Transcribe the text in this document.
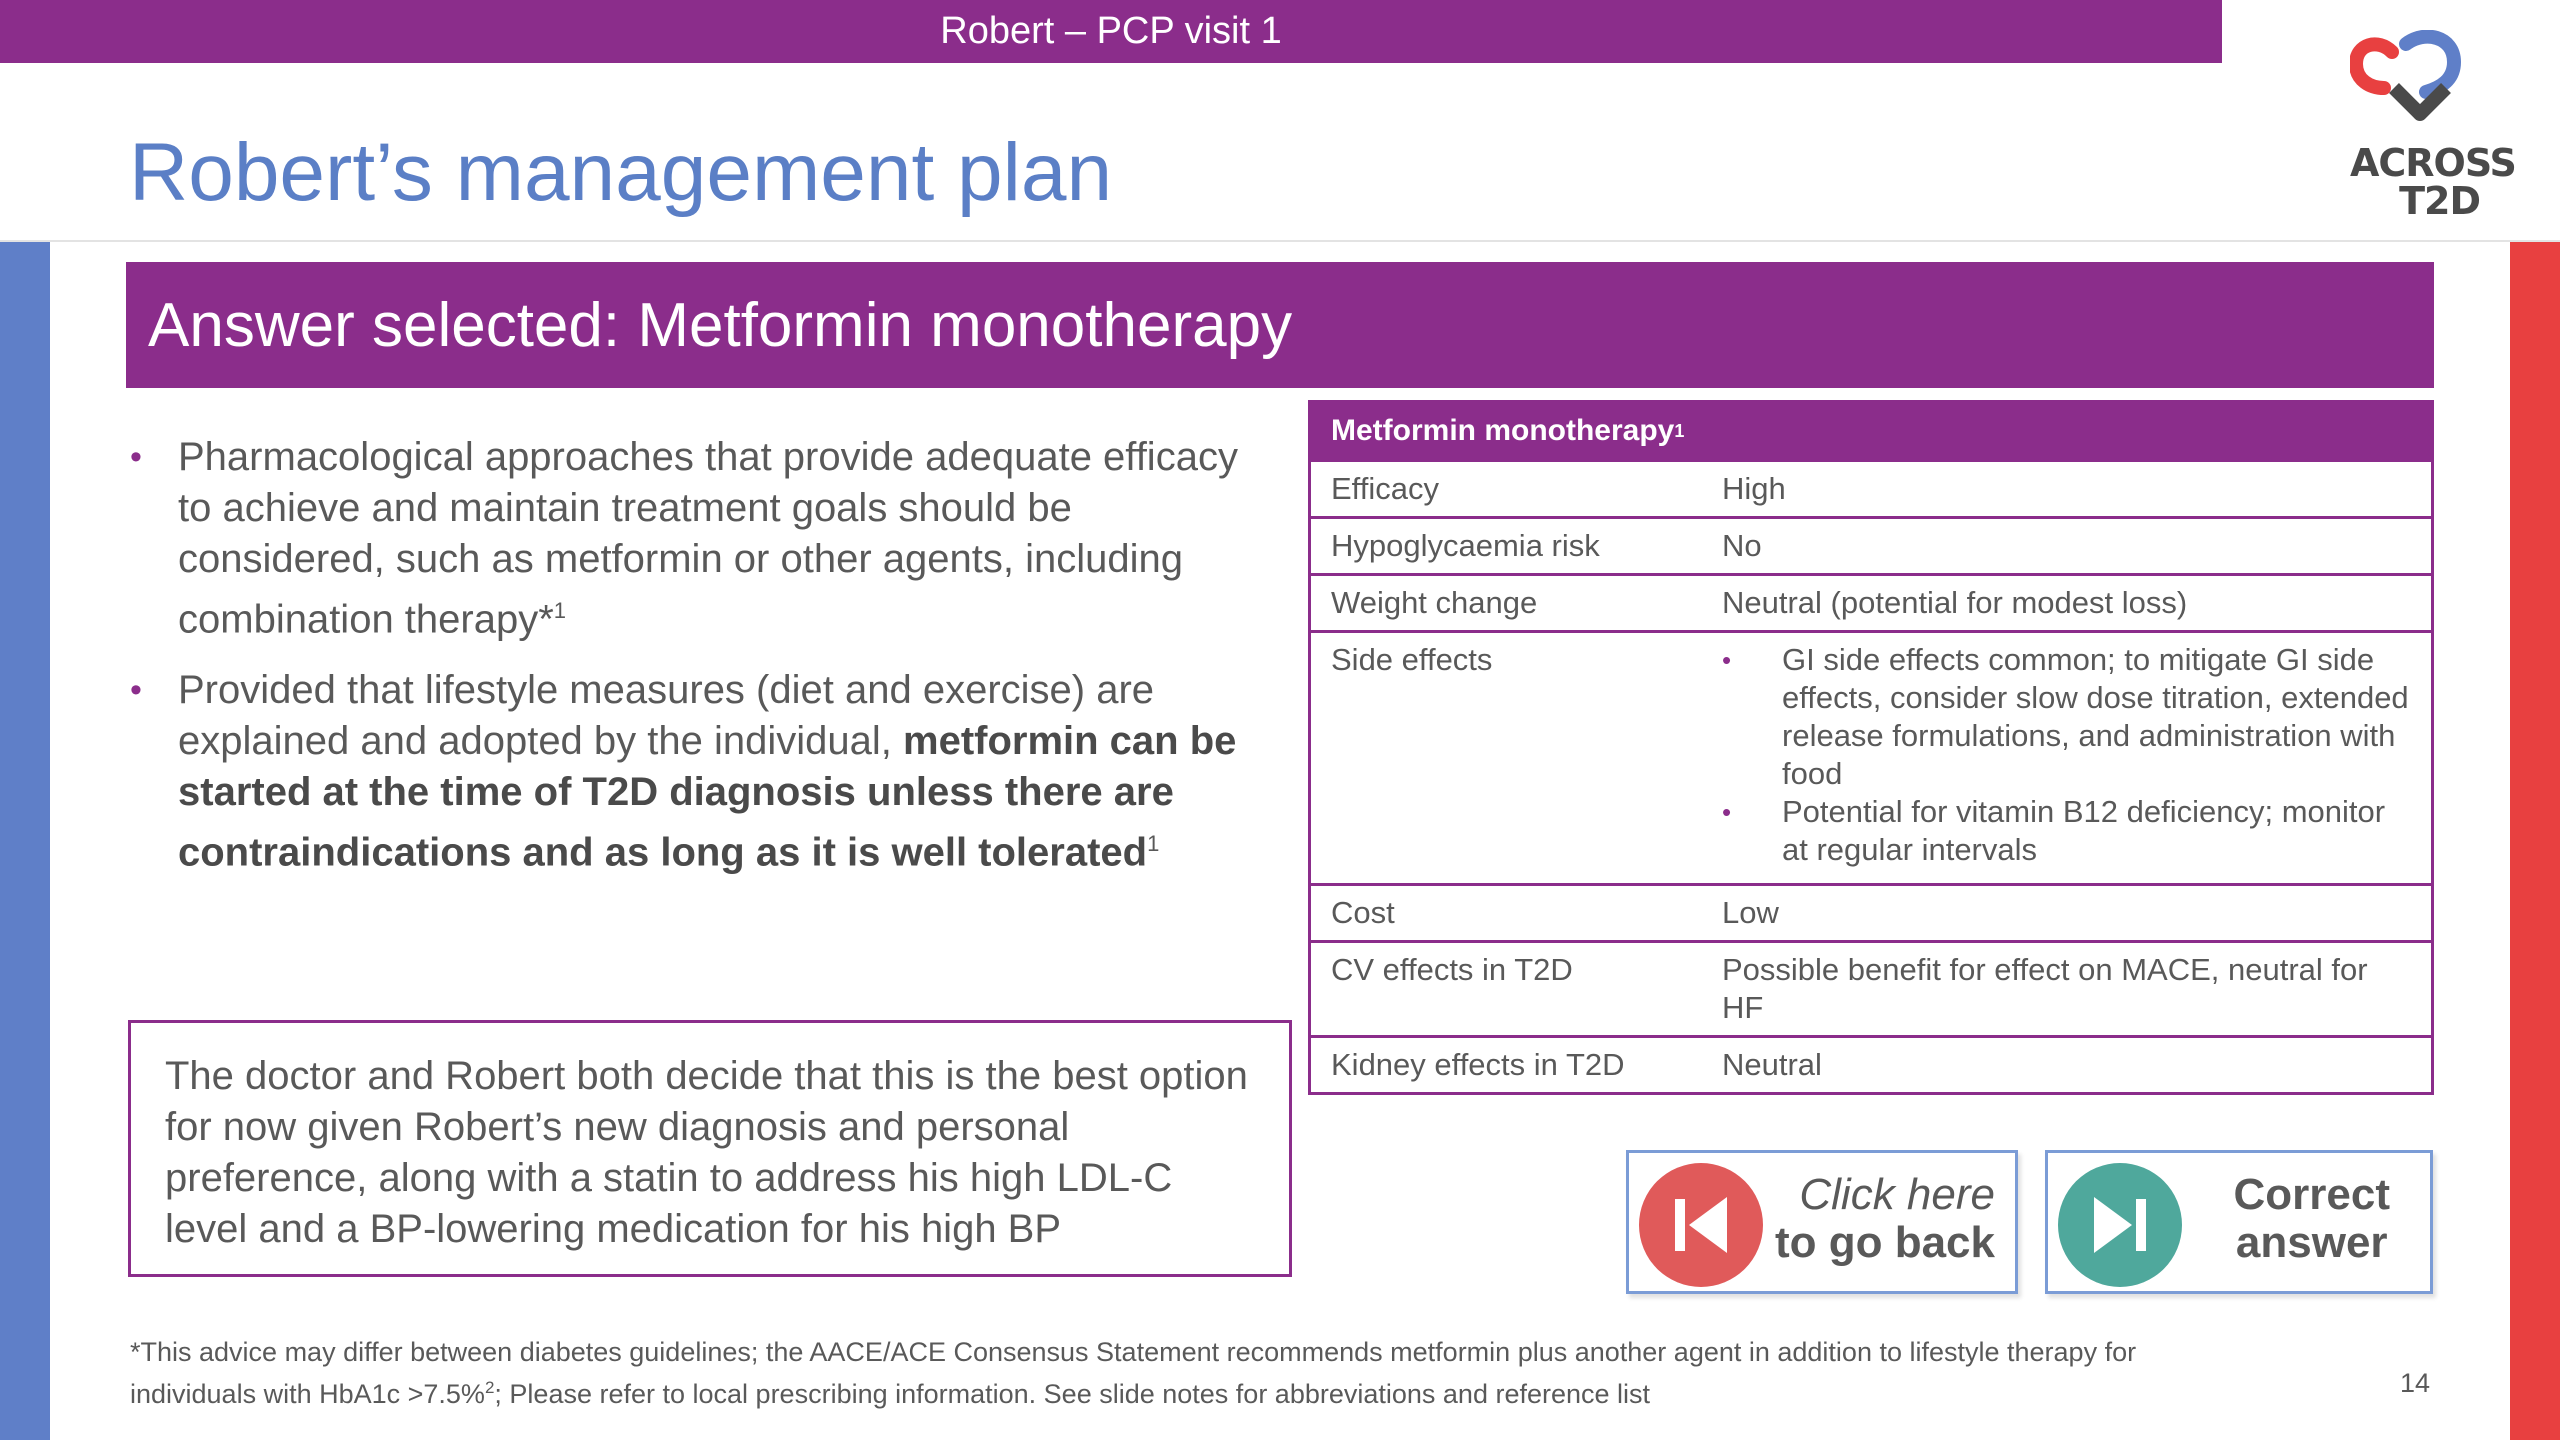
Robert – PCP visit 1
ACROSS
T2D
Robert’s management plan
Answer selected: Metformin monotherapy
• Pharmacological approaches that provide adequate efficacy to achieve and maintain treatment goals should be considered, such as metformin or other agents, including combination therapy*$^1$
• Provided that lifestyle measures (diet and exercise) are explained and adopted by the individual, metformin can be started at the time of T2D diagnosis unless there are contraindications and as long as it is well tolerated$^1$
The doctor and Robert both decide that this is the best option for now given Robert’s new diagnosis and personal preference, along with a statin to address his high LDL-C level and a BP-lowering medication for his high BP
Metformin monotherapy 1
Efficacy	High
Hypoglycaemia risk	No
Weight change	Neutral (potential for modest loss)
Side effects	• GI side effects common; to mitigate GI side effects, consider slow dose titration, extended release formulations, and administration with food
• Potential for vitamin B12 deficiency; monitor at regular intervals
Cost	Low
CV effects in T2D	Possible benefit for effect on MACE, neutral for HF
Kidney effects in T2D	Neutral
Click here
to go back
Correct
answer
*This advice may differ between diabetes guidelines; the AACE/ACE Consensus Statement recommends metformin plus another agent in addition to lifestyle therapy for
individuals with HbA1c >7.5%$^2$; Please refer to local prescribing information. See slide notes for abbreviations and reference list	14
